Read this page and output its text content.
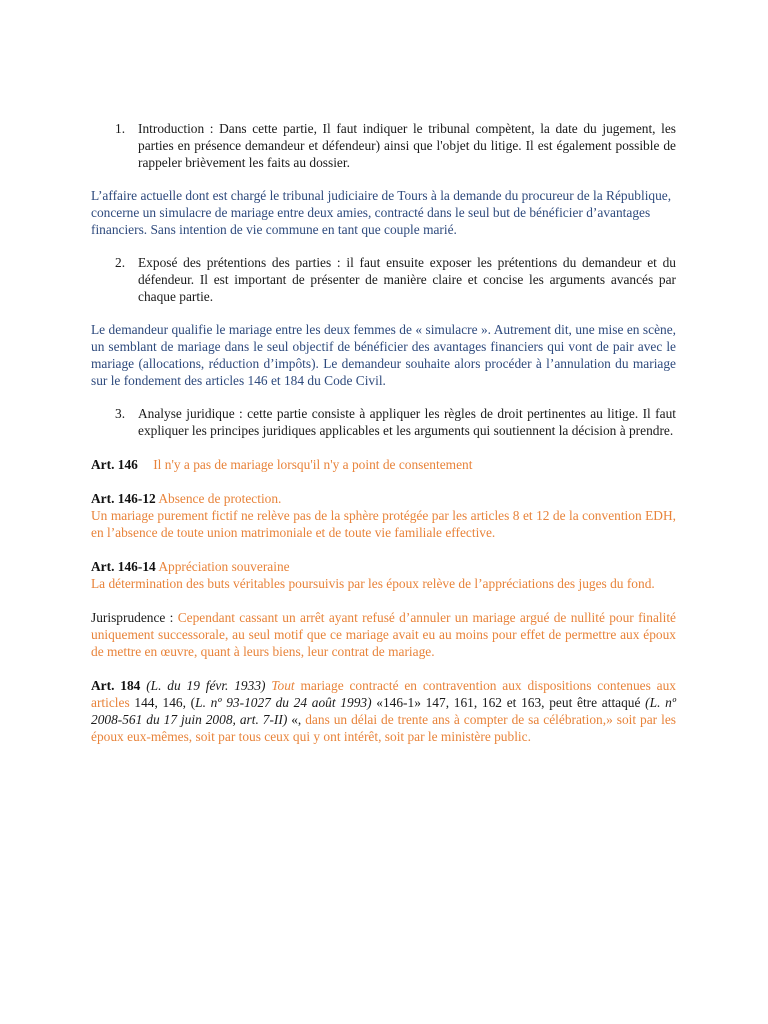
1. Introduction : Dans cette partie, Il faut indiquer le tribunal compètent, la date du jugement, les parties en présence demandeur et défendeur) ainsi que l'objet du litige. Il est également possible de rappeler brièvement les faits au dossier.

L’affaire actuelle dont est chargé le tribunal judiciaire de Tours à la demande du procureur de la République, concerne un simulacre de mariage entre deux amies, contracté dans le seul but de bénéficier d’avantages financiers. Sans intention de vie commune en tant que couple marié.

2. Exposé des prétentions des parties : il faut ensuite exposer les prétentions du demandeur et du défendeur. Il est important de présenter de manière claire et concise les arguments avancés par chaque partie.

Le demandeur qualifie le mariage entre les deux femmes de « simulacre ». Autrement dit, une mise en scène, un semblant de mariage dans le seul objectif de bénéficier des avantages financiers qui vont de pair avec le mariage (allocations, réduction d’impôts). Le demandeur souhaite alors procéder à l’annulation du mariage sur le fondement des articles 146 et 184 du Code Civil.

3. Analyse juridique : cette partie consiste à appliquer les règles de droit pertinentes au litige. Il faut expliquer les principes juridiques applicables et les arguments qui soutiennent la décision à prendre.

Art. 146 Il n'y a pas de mariage lorsqu'il n'y a point de consentement

Art. 146-12 Absence de protection.
Un mariage purement fictif ne relève pas de la sphère protégée par les articles 8 et 12 de la convention EDH, en l’absence de toute union matrimoniale et de toute vie familiale effective.

Art. 146-14 Appréciation souveraine
La détermination des buts véritables poursuivis par les époux relève de l’appréciations des juges du fond.

Jurisprudence : Cependant cassant un arrêt ayant refusé d’annuler un mariage argué de nullité pour finalité uniquement successorale, au seul motif que ce mariage avait eu au moins pour effet de permettre aux époux de mettre en œuvre, quant à leurs biens, leur contrat de mariage.

Art. 184 (L. du 19 févr. 1933) Tout mariage contracté en contravention aux dispositions contenues aux articles 144, 146, (L. nº 93-1027 du 24 août 1993) «146-1» 147, 161, 162 et 163, peut être attaqué (L. nº 2008-561 du 17 juin 2008, art. 7-II) «, dans un délai de trente ans à compter de sa célébration,» soit par les époux eux-mêmes, soit par tous ceux qui y ont intérêt, soit par le ministère public.
